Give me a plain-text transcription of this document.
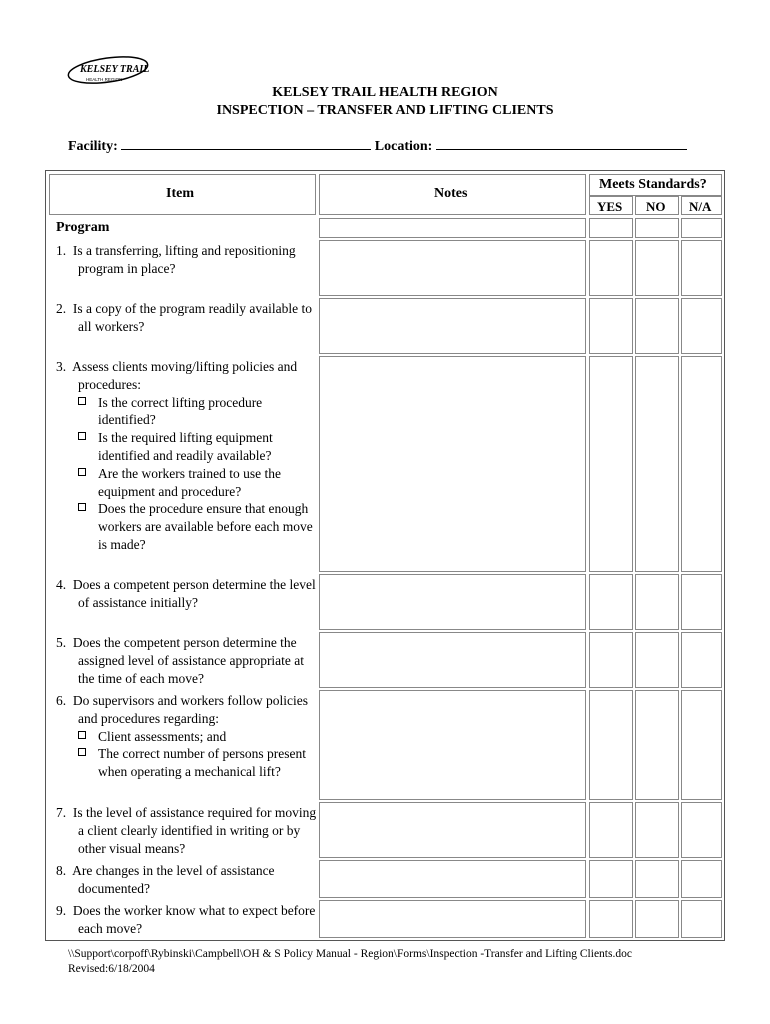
KELSEY TRAIL
HEALTH REGION
KELSEY TRAIL HEALTH REGION
INSPECTION – TRANSFER AND LIFTING CLIENTS
Facility:	Location:
Item	Notes
Meets Standards?
YES NO N/A
Program
1.  Is a transferring, lifting and repositioning program in place?
2.  Is a copy of the program readily available to all workers?
3.  Assess clients moving/lifting policies and procedures:
Is the correct lifting procedure identified?
Is the required lifting equipment identified and readily available?
Are the workers trained to use the equipment and procedure?
Does the procedure ensure that enough workers are available before each move is made?
4.  Does a competent person determine the level of assistance initially?
5.  Does the competent person determine the assigned level of assistance appropriate at the time of each move?
6.  Do supervisors and workers follow policies and procedures regarding:
Client assessments; and
The correct number of persons present when operating a mechanical lift?
7.  Is the level of assistance required for moving a client clearly identified in writing or by other visual means?
8.  Are changes in the level of assistance documented?
9.  Does the worker know what to expect before each move?
\\Support\corpoff\Rybinski\Campbell\OH & S Policy Manual - Region\Forms\Inspection -Transfer and Lifting Clients.doc
Revised:6/18/2004
